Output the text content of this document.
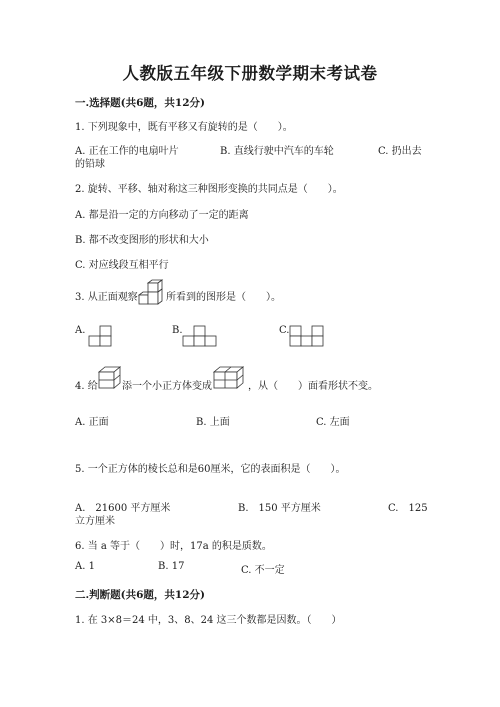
人教版五年级下册数学期末考试卷
一.选择题(共6题，共12分)
1. 下列现象中，既有平移又有旋转的是（　　）。
A. 正在工作的电扇叶片	B. 直线行驶中汽车的车轮	C. 扔出去
的铅球
2. 旋转、平移、轴对称这三种图形变换的共同点是（　　）。
A. 都是沿一定的方向移动了一定的距离
B. 都不改变图形的形状和大小
C. 对应线段互相平行
3. 从正面观察	所看到的图形是（　　）。
A.	B.	C.
4. 给 添一个小正方体变成	，从（　　）面看形状不变。
A. 正面	B. 上面	C. 左面
5. 一个正方体的棱长总和是60厘米，它的表面积是（　　）。
A.　21600 平方厘米	B.　150 平方厘米	C.　125
立方厘米
6. 当 a 等于（　　）时，17a 的积是质数。
A. 1	B. 17	C. 不一定
二.判断题(共6题，共12分)
1. 在 3×8＝24 中，3、8、24 这三个数都是因数。（　　）
